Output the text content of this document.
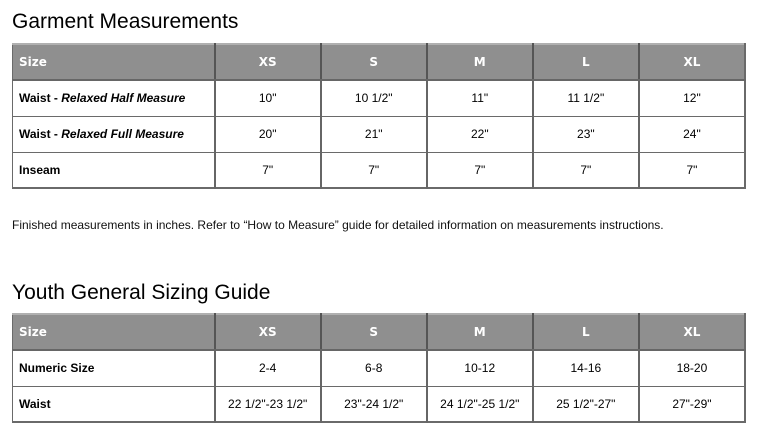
Garment Measurements
Size	XS	S	M	L	XL
Waist - Relaxed Half Measure	10"	10 1/2"	11"	11 1/2"	12"
Waist - Relaxed Full Measure	20"	21"	22"	23"	24"
Inseam	7"	7"	7"	7"	7"

Finished measurements in inches. Refer to “How to Measure” guide for detailed information on measurements instructions.

Youth General Sizing Guide
Size	XS	S	M	L	XL
Numeric Size	2-4	6-8	10-12	14-16	18-20
Waist	22 1/2"-23 1/2"	23"-24 1/2"	24 1/2"-25 1/2"	25 1/2"-27"	27"-29"
